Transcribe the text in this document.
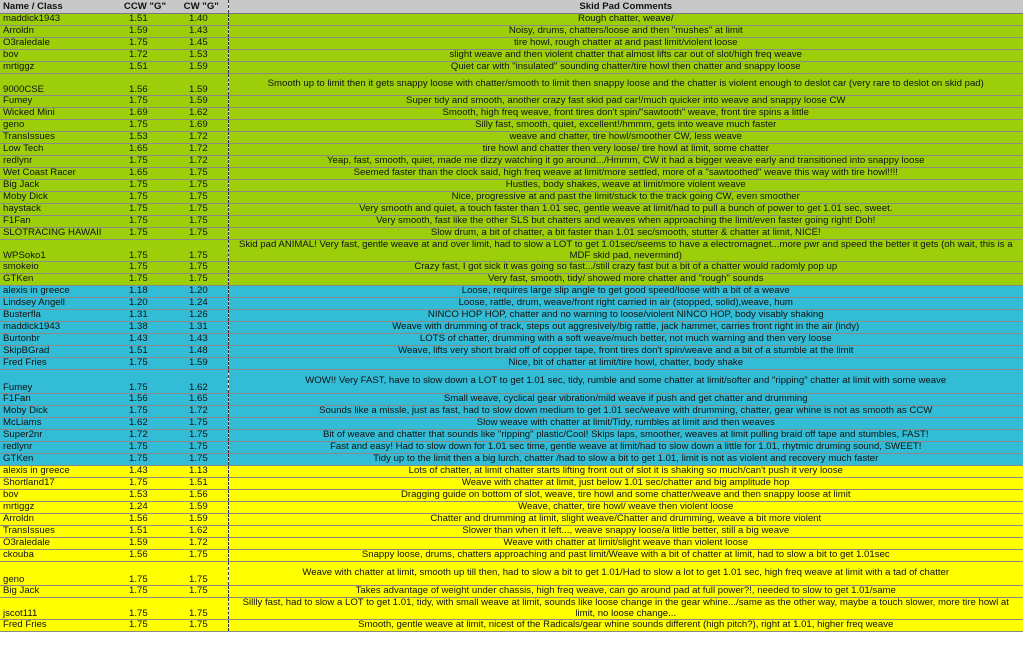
Name / Class	CCW "G"	CW "G"	Skid Pad Comments
maddick1943	1.51	1.40	Rough chatter, weave/
Arroldn	1.59	1.43	Noisy, drums, chatters/loose and then "mushes" at limit
O3raledale	1.75	1.45	tire howl, rough chatter at and past limit/violent loose
bov	1.72	1.53	slight weave and then violent chatter that almost lifts car out of slot/high freq weave
mrtiggz	1.51	1.59	Quiet car with "insulated" sounding chatter/tire howl then chatter and snappy loose
9000CSE	1.56	1.59	Smooth up to limit then it gets snappy loose with chatter/smooth to limit then snappy loose and the chatter is violent enough to deslot car (very rare to deslot on skid pad)
Fumey	1.75	1.59	Super tidy and smooth, another crazy fast skid pad car!/much quicker into weave and snappy loose CW
Wicked Mini	1.69	1.62	Smooth, high freq weave, front tires don't spin/"sawtooth" weave, front tire spins a little
geno	1.75	1.69	Silly fast, smooth, quiet, excellent!/hmmm, gets into weave much faster
TransIssues	1.53	1.72	weave and chatter, tire howl/smoother CW, less weave
Low Tech	1.65	1.72	tire howl and chatter then very loose/ tire howl at limit, some chatter
redlynr	1.75	1.72	Yeap, fast, smooth, quiet, made me dizzy watching it go around.../Hmmm, CW it had a bigger weave early and transitioned into snappy loose
Wet Coast Racer	1.65	1.75	Seemed faster than the clock said, high freq weave at limit/more settled, more of a "sawtoothed" weave this way with tire howl!!!!
Big Jack	1.75	1.75	Hustles, body shakes, weave at limit/more violent weave
Moby Dick	1.75	1.75	Nice, progressive at and past the limit/stuck to the track going CW, even smoother
haystack	1.75	1.75	Very smooth and quiet, a touch faster than 1.01 sec, gentle weave at limit/had to pull a bunch of power to get 1.01 sec, sweet.
F1Fan	1.75	1.75	Very smooth, fast like the other SLS but chatters and weaves when approaching the limit/even faster going right! Doh!
SLOTRACING HAWAII	1.75	1.75	Slow drum, a bit of chatter, a bit faster than 1.01 sec/smooth, stutter & chatter at limit, NICE!
WPSoko1	1.75	1.75	Skid pad ANIMAL! Very fast, gentle weave at and over limit, had to slow a LOT to get 1.01sec/seems to have a electromagnet...more pwr and speed the better it gets (oh wait, this is a MDF skid pad, nevermind)
smokeio	1.75	1.75	Crazy fast, I got sick it was going so fast.../still crazy fast but a bit of a chatter would radomly pop up
GTKen	1.75	1.75	Very fast, smooth, tidy/ showed more chatter and "rough" sounds
alexis in greece	1.18	1.20	Loose, requires large slip angle to get good speed/loose with a bit of a weave
Lindsey Angell	1.20	1.24	Loose, rattle, drum, weave/front right carried in air (stopped, solid),weave, hum
Busterfla	1.31	1.26	NINCO HOP HOP, chatter and no warning to loose/violent NINCO HOP, body visably shaking
maddick1943	1.38	1.31	Weave with drumming of track, steps out aggresively/big rattle, jack hammer, carries front right in the air (indy)
Burtonbr	1.43	1.43	LOTS of chatter, drumming with a soft weave/much better, not much warning and then very loose
SkipBGrad	1.51	1.48	Weave, lifts very short braid off of copper tape, front tires don't spin/weave and a bit of a stumble at the limit
Fred Fries	1.75	1.59	Nice, bit of chatter at limit/tire howl, chatter, body shake
Fumey	1.75	1.62	WOW!! Very FAST, have to slow down a LOT to get 1.01 sec, tidy, rumble and some chatter at limit/softer and "ripping" chatter at limit with some weave
F1Fan	1.56	1.65	Small weave, cyclical gear vibration/mild weave if push and get chatter and drumming
Moby Dick	1.75	1.72	Sounds like a missle, just as fast, had to slow down medium to get 1.01 sec/weave with drumming, chatter, gear whine is not as smooth as CCW
McLiams	1.62	1.75	Slow weave with chatter at limit/Tidy, rumbles at limit and then weaves
Super2nr	1.72	1.75	Bit of weave and chatter that sounds like "ripping" plastic/Cool! Skips laps, smoother, weaves at limit pulling braid off tape and stumbles, FAST!
redlynr	1.75	1.75	Fast and easy! Had to slow down for 1.01 sec time, gentle weave at limit/had to slow down a little for 1.01, rhytmic druming sound, SWEET!
GTKen	1.75	1.75	Tidy up to the limit then a big lurch, chatter /had to slow a bit to get 1.01, limit is not as violent and recovery much faster
alexis in greece	1.43	1.13	Lots of chatter, at limit chatter starts lifting front out of slot it is shaking so much/can't push it very loose
Shortland17	1.75	1.51	Weave with chatter at limit, just below 1.01 sec/chatter and big amplitude hop
bov	1.53	1.56	Dragging guide on bottom of slot, weave, tire howl and some chatter/weave and then snappy loose at limit
mrtiggz	1.24	1.59	Weave, chatter, tire howl/ weave then violent loose
Arroldn	1.56	1.59	Chatter and drumming at limit, slight weave/Chatter and drumming, weave a bit more violent
TransIssues	1.51	1.62	Slower than when it left..., weave snappy loose/a little better, still a big weave
O3raledale	1.59	1.72	Weave with chatter at limit/slight weave than violent loose
ckouba	1.56	1.75	Snappy loose, drums, chatters approaching and past limit/Weave with a bit of chatter at limit, had to slow a bit to get 1.01sec
geno	1.75	1.75	Weave with chatter at limit, smooth up till then, had to slow a bit to get 1.01/Had to slow a lot to get 1.01 sec, high freq weave at limit with a tad of chatter
Big Jack	1.75	1.75	Takes advantage of weight under chassis, high freq weave, can go around pad at full power?!, needed to slow to get 1.01/same
jscot111	1.75	1.75	Sillly fast, had to slow a LOT to get 1.01, tidy, with small weave at limit, sounds like loose change in the gear whine.../same as the other way, maybe a touch slower, more tire howl at limit, no loose change...
Fred Fries	1.75	1.75	Smooth, gentle weave at limit, nicest of the Radicals/gear whine sounds different (high pitch?), right at 1.01, higher freq weave
